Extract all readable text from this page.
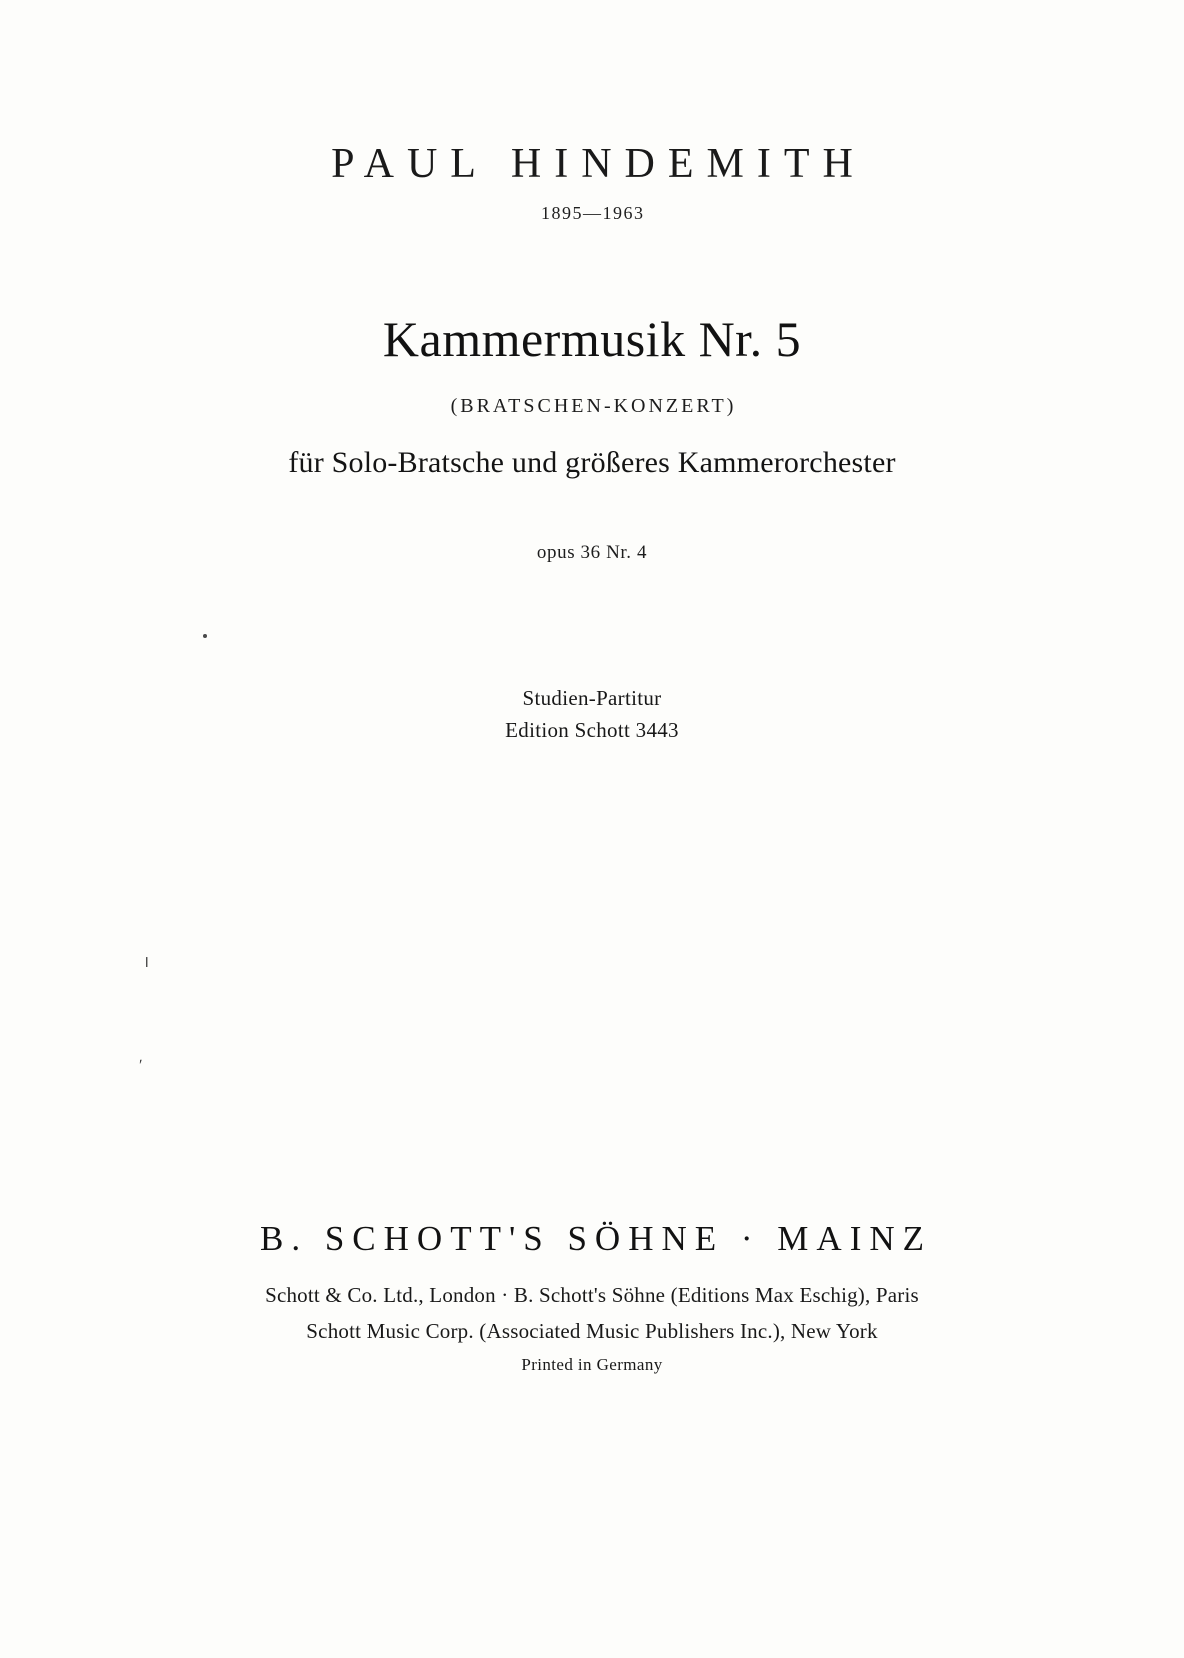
PAUL HINDEMITH
1895—1963
Kammermusik Nr. 5
(BRATSCHEN-KONZERT)
für Solo-Bratsche und größeres Kammerorchester
opus 36 Nr. 4
Studien-Partitur
Edition Schott 3443
।
ʹ
B. SCHOTT'S SÖHNE · MAINZ
Schott & Co. Ltd., London · B. Schott's Söhne (Editions Max Eschig), Paris
Schott Music Corp. (Associated Music Publishers Inc.), New York
Printed in Germany
